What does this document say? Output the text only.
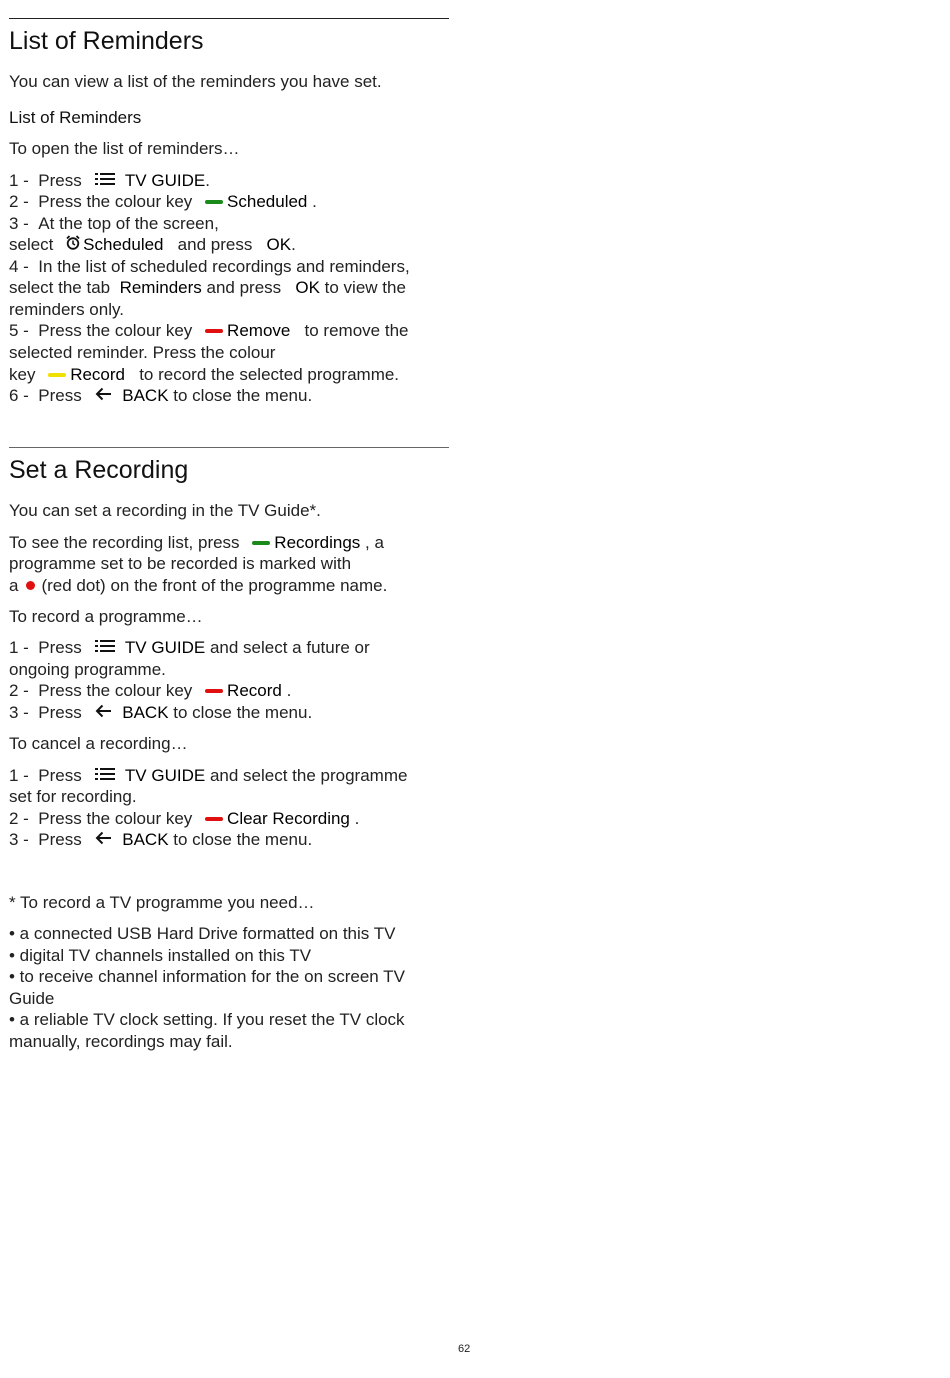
List of Reminders

You can view a list of the reminders you have set.

List of Reminders

To open the list of reminders…

1 - Press	TV GUIDE.

2 - Press the colour key Scheduled .

3 - At the top of the screen,

select Scheduled and press OK.

4 - In the list of scheduled recordings and reminders,

select the tab Reminders and press OK to view the

reminders only.

5 - Press the colour key Remove to remove the

selected reminder. Press the colour

key Record to record the selected programme.

6 - Press BACK to close the menu.

Set a Recording

You can set a recording in the TV Guide*.

To see the recording list, press Recordings , a

programme set to be recorded is marked with

a (red dot) on the front of the programme name.

To record a programme…

1 - Press	TV GUIDE and select a future or

ongoing programme.

2 - Press the colour key Record .

3 - Press BACK to close the menu.

To cancel a recording…

1 - Press	TV GUIDE and select the programme

set for recording.

2 - Press the colour key Clear Recording .

3 - Press BACK to close the menu.

* To record a TV programme you need…

• a connected USB Hard Drive formatted on this TV

• digital TV channels installed on this TV

• to receive channel information for the on screen TV

Guide

• a reliable TV clock setting. If you reset the TV clock

manually, recordings may fail.

62
